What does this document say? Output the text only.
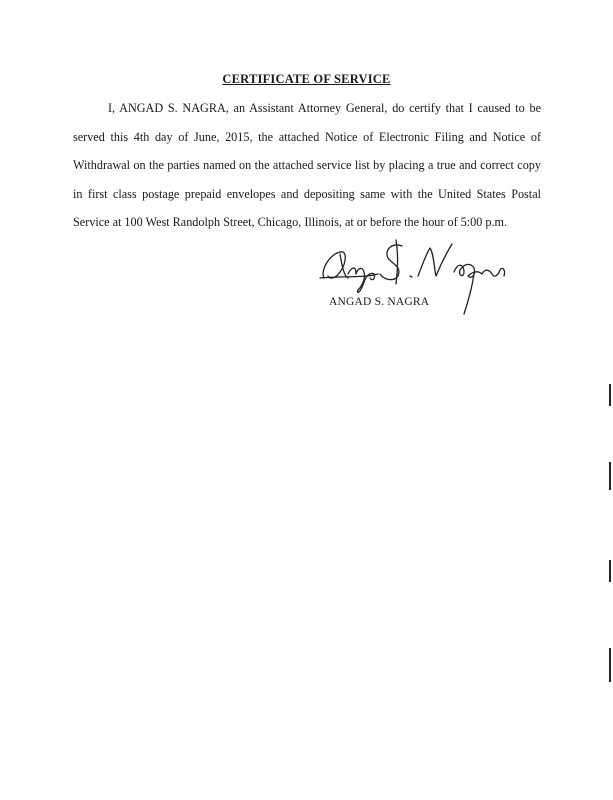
CERTIFICATE OF SERVICE

I, ANGAD S. NAGRA, an Assistant Attorney General, do certify that I caused to be served this 4th day of June, 2015, the attached Notice of Electronic Filing and Notice of Withdrawal on the parties named on the attached service list by placing a true and correct copy in first class postage prepaid envelopes and depositing same with the United States Postal Service at 100 West Randolph Street, Chicago, Illinois, at or before the hour of 5:00 p.m.

ANGAD S. NAGRA
